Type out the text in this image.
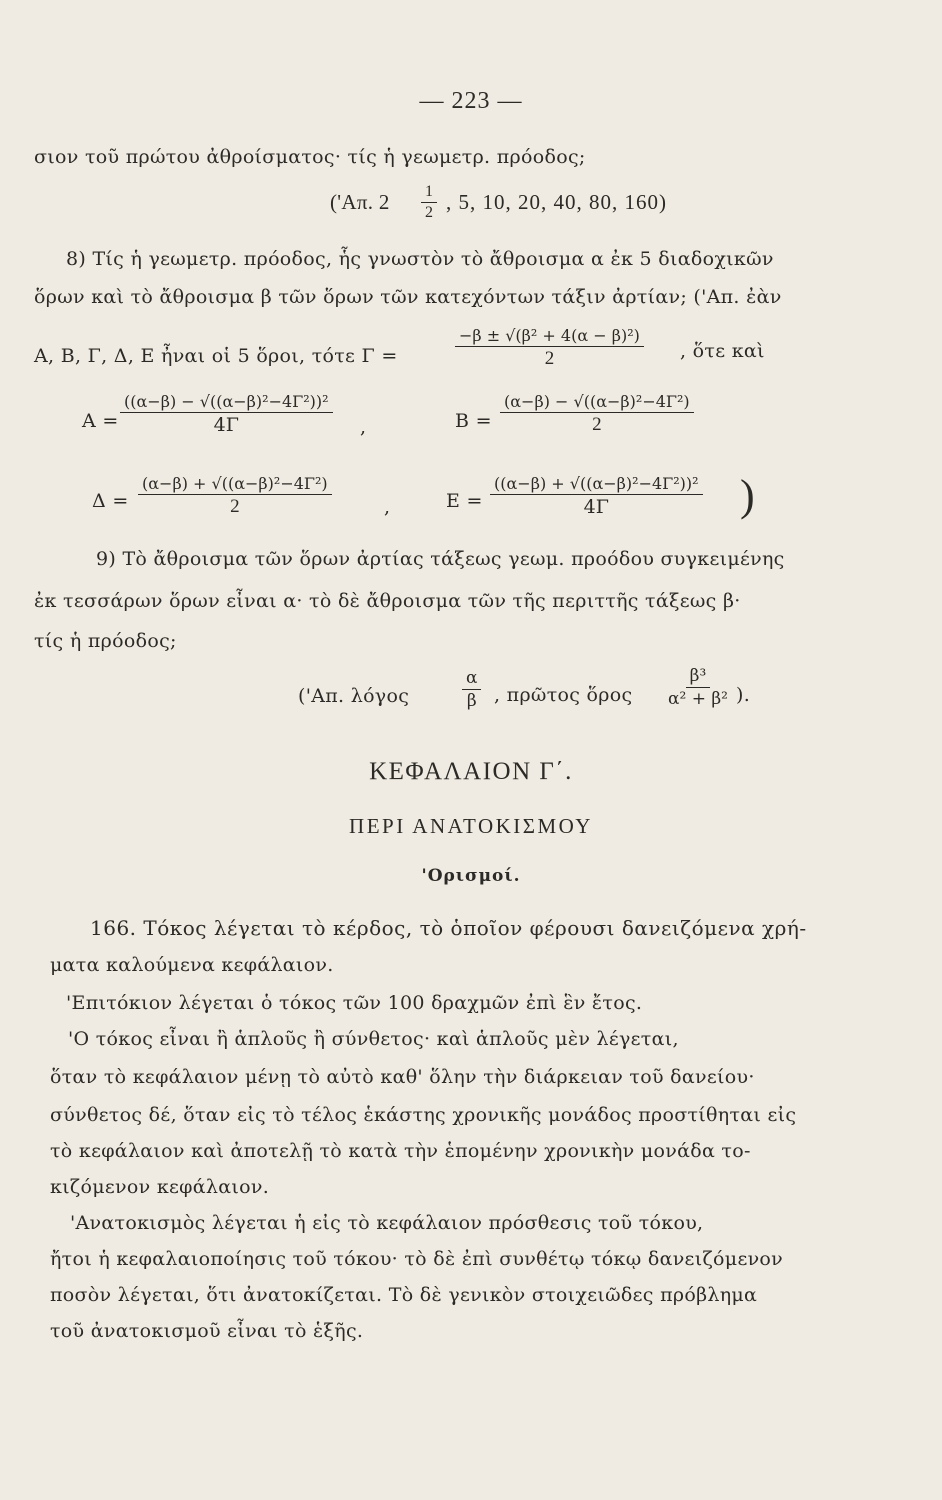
— 223 —
σιον τοῦ πρώτου ἀθροίσματος· τίς ἡ γεωμετρ. πρόοδος;
('Απ. $2 \frac{1}{2}$ , 5, 10, 20, 40, 80, 160)
8) Τίς ἡ γεωμετρ. πρόοδος, ἧς γνωστὸν τὸ ἄθροισμα α ἐκ 5 διαδοχικῶν
ὅρων καὶ τὸ ἄθροισμα β τῶν ὅρων τῶν κατεχόντων τάξιν ἀρτίαν; ('Απ. ἐὰν
Α, Β, Γ, Δ, Ε ἦναι οἱ 5 ὅροι, τότε Γ =
−β ± √(β² + 4(α − β)²)
2	, ὅτε καὶ
Α =
((α−β) − √((α−β)²−4Γ²))²
4Γ	,	Β =
(α−β) − √((α−β)²−4Γ²)
2
Δ =
(α−β) + √((α−β)²−4Γ²)
2	,	Ε =
((α−β) + √((α−β)²−4Γ²))²
4Γ	)
9) Τὸ ἄθροισμα τῶν ὅρων ἀρτίας τάξεως γεωμ. προόδου συγκειμένης
ἐκ τεσσάρων ὅρων εἶναι α· τὸ δὲ ἄθροισμα τῶν τῆς περιττῆς τάξεως β·
τίς ἡ πρόοδος;
('Απ. λόγος	$\frac{\alpha}{\beta}$ , πρῶτος ὅρος $\frac{\text{β³}}{\text{α² + β²}}$ ).
ΚΕΦΑΛΑΙΟΝ Γ΄.
ΠΕΡΙ ΑΝΑΤΟΚΙΣΜΟΥ
'Ορισμοί.
166. Τόκος λέγεται τὸ κέρδος, τὸ ὁποῖον φέρουσι δανειζόμενα χρή-
ματα καλούμενα κεφάλαιον.
'Επιτόκιον λέγεται ὁ τόκος τῶν 100 δραχμῶν ἐπὶ ἓν ἔτος.
'Ο τόκος εἶναι ἢ ἁπλοῦς ἢ σύνθετος· καὶ ἁπλοῦς μὲν λέγεται,
ὅταν τὸ κεφάλαιον μένῃ τὸ αὐτὸ καθ' ὅλην τὴν διάρκειαν τοῦ δανείου·
σύνθετος δέ, ὅταν εἰς τὸ τέλος ἑκάστης χρονικῆς μονάδος προστίθηται εἰς
τὸ κεφάλαιον καὶ ἀποτελῇ τὸ κατὰ τὴν ἑπομένην χρονικὴν μονάδα το-
κιζόμενον κεφάλαιον.
'Ανατοκισμὸς λέγεται ἡ εἰς τὸ κεφάλαιον πρόσθεσις τοῦ τόκου,
ἤτοι ἡ κεφαλαιοποίησις τοῦ τόκου· τὸ δὲ ἐπὶ συνθέτῳ τόκῳ δανειζόμενον
ποσὸν λέγεται, ὅτι ἀνατοκίζεται. Τὸ δὲ γενικὸν στοιχειῶδες πρόβλημα
τοῦ ἀνατοκισμοῦ εἶναι τὸ ἑξῆς.
